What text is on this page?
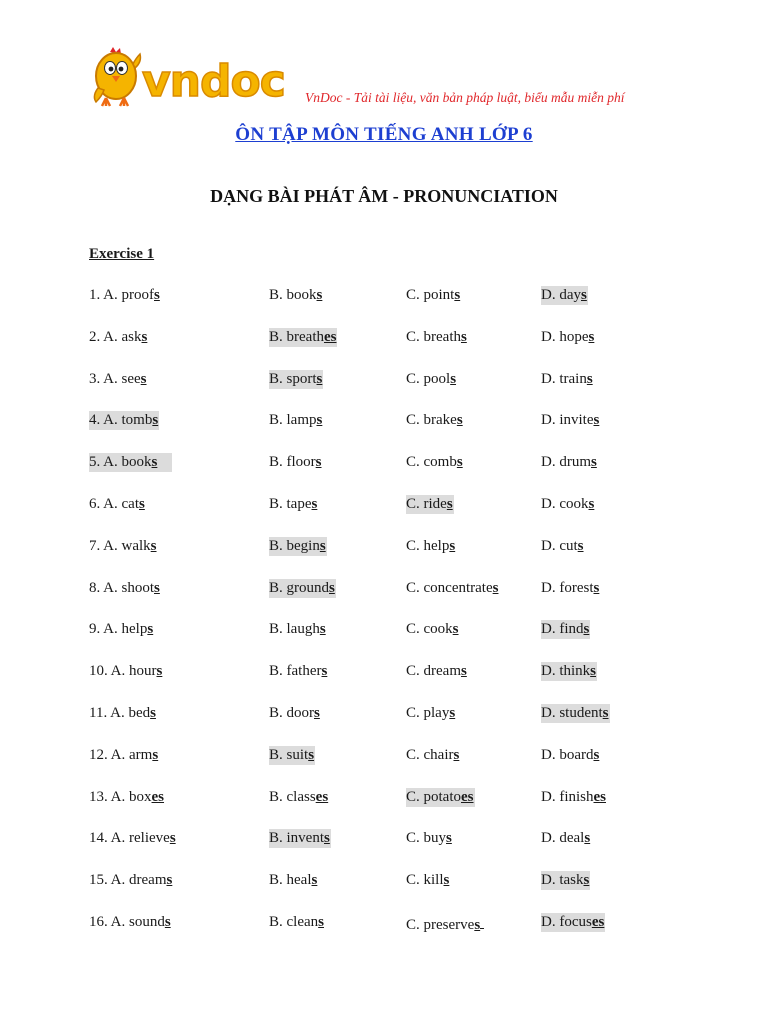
vndoc VnDoc - Tải tài liệu, văn bản pháp luật, biểu mẫu miễn phí
ÔN TẬP MÔN TIẾNG ANH LỚP 6
DẠNG BÀI PHÁT ÂM - PRONUNCIATION
Exercise 1
1. A. proofs	B. books	C. points	D. days
2. A. asks	B. breathes	C. breaths	D. hopes
3. A. sees	B. sports	C. pools	D. trains
4. A. tombs	B. lamps	C. brakes	D. invites
5. A. books	B. floors	C. combs	D. drums
6. A. cats	B. tapes	C. rides	D. cooks
7. A. walks	B. begins	C. helps	D. cuts
8. A. shoots	B. grounds	C. concentrates	D. forests
9. A. helps	B. laughs	C. cooks	D. finds
10. A. hours	B. fathers	C. dreams	D. thinks
11. A. beds	B. doors	C. plays	D. students
12. A. arms	B. suits	C. chairs	D. boards
13. A. boxes	B. classes	C. potatoes	D. finishes
14. A. relieves	B. invents	C. buys	D. deals
15. A. dreams	B. heals	C. kills	D. tasks
16. A. sounds	B. cleans	C. preserves	D. focuses
